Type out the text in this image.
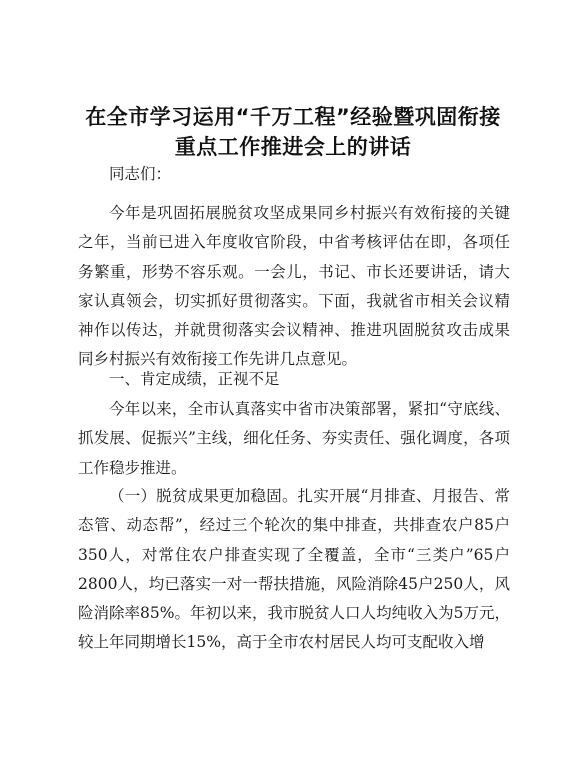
在全市学习运用“千万工程”经验暨巩固衔接
重点工作推进会上的讲话

同志们：

今年是巩固拓展脱贫攻坚成果同乡村振兴有效衔接的关键之年，当前已进入年度收官阶段，中省考核评估在即，各项任务繁重，形势不容乐观。一会儿，书记、市长还要讲话，请大家认真领会，切实抓好贯彻落实。下面，我就省市相关会议精神作以传达，并就贯彻落实会议精神、推进巩固脱贫攻击成果同乡村振兴有效衔接工作先讲几点意见。

一、肯定成绩，正视不足

今年以来，全市认真落实中省市决策部署，紧扣“守底线、抓发展、促振兴”主线，细化任务、夯实责任、强化调度，各项工作稳步推进。

（一）脱贫成果更加稳固。扎实开展“月排查、月报告、常态管、动态帮”，经过三个轮次的集中排查，共排查农户85户350人，对常住农户排查实现了全覆盖，全市“三类户”65户2800人，均已落实一对一帮扶措施，风险消除45户250人，风险消除率85%。年初以来，我市脱贫人口人均纯收入为5万元，较上年同期增长15%，高于全市农村居民人均可支配收入增
